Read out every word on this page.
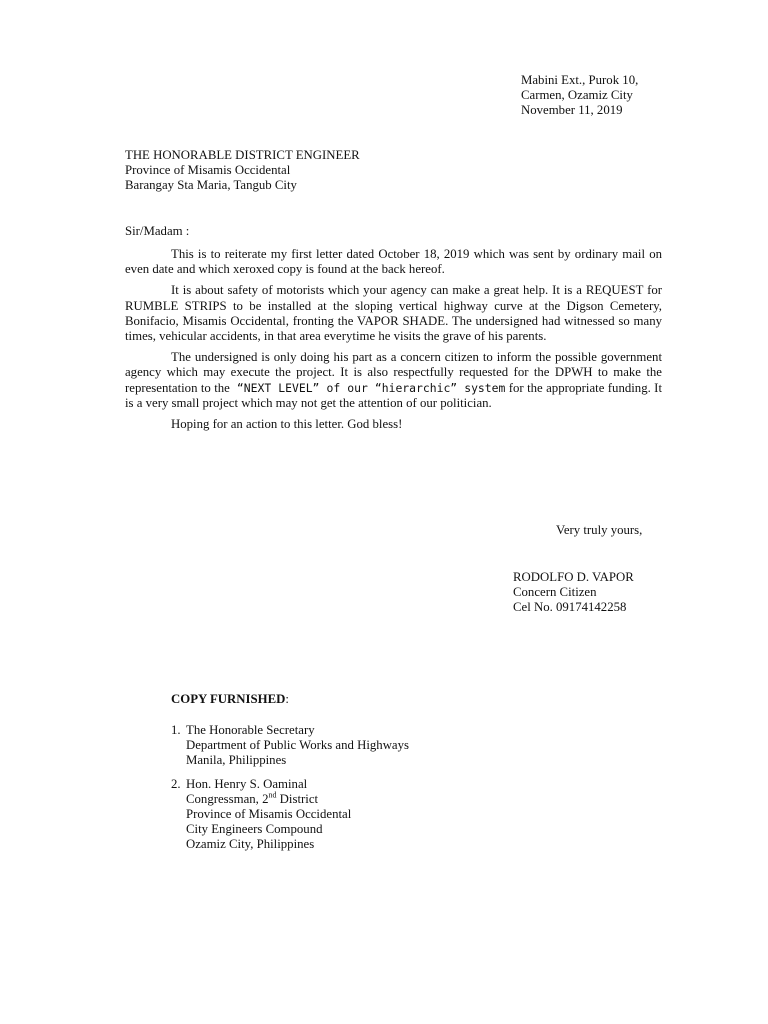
Mabini Ext., Purok 10,
Carmen, Ozamiz City
November 11, 2019
THE HONORABLE DISTRICT ENGINEER
Province of Misamis Occidental
Barangay Sta Maria, Tangub City
Sir/Madam :

This is to reiterate my first letter dated October 18, 2019 which was sent by ordinary mail on even date and which xeroxed copy is found at the back hereof.

It is about safety of motorists which your agency can make a great help. It is a REQUEST for RUMBLE STRIPS to be installed at the sloping vertical highway curve at the Digson Cemetery, Bonifacio, Misamis Occidental, fronting the VAPOR SHADE. The undersigned had witnessed so many times, vehicular accidents, in that area everytime he visits the grave of his parents.

The undersigned is only doing his part as a concern citizen to inform the possible government agency which may execute the project. It is also respectfully requested for the DPWH to make the representation to the “NEXT LEVEL” of our “hierarchic” system for the appropriate funding. It is a very small project which may not get the attention of our politician.

Hoping for an action to this letter. God bless!

Very truly yours,
RODOLFO D. VAPOR
Concern Citizen
Cel No. 09174142258
COPY FURNISHED:
1. The Honorable Secretary
Department of Public Works and Highways
Manila, Philippines
2. Hon. Henry S. Oaminal
Congressman, 2nd District
Province of Misamis Occidental
City Engineers Compound
Ozamiz City, Philippines
